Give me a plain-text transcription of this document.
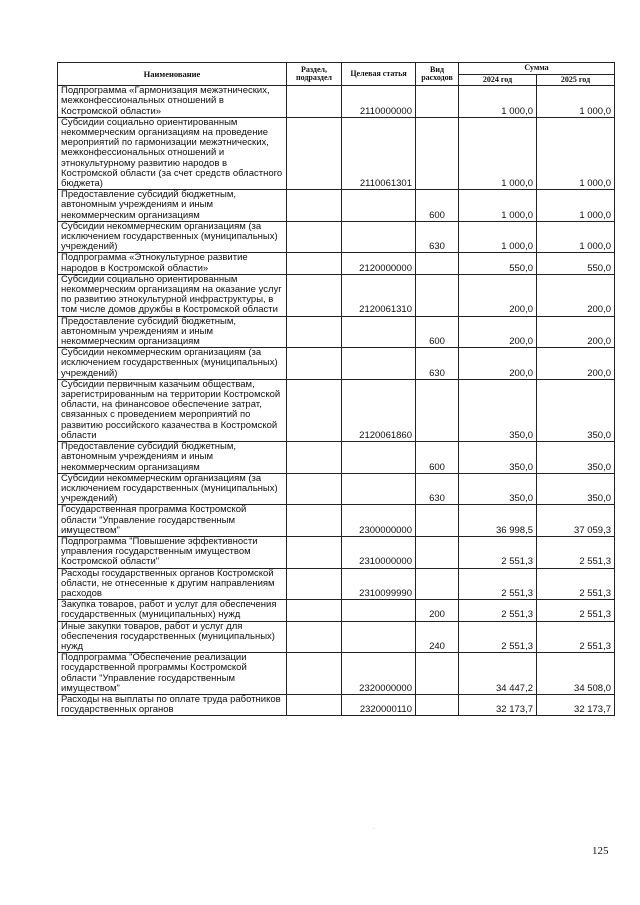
Наименование	Раздел, подраздел	Целевая статья	Вид расходов	Сумма	
				2024 год	2025 год
Подпрограмма «Гармонизация межэтнических, межконфессиональных отношений в Костромской области»		2110000000		1 000,0	1 000,0
Субсидии социально ориентированным некоммерческим организациям на проведение мероприятий по гармонизации межэтнических, межконфессиональных отношений и этнокультурному развитию народов в Костромской области (за счет средств областного бюджета)		2110061301		1 000,0	1 000,0
Предоставление субсидий бюджетным, автономным учреждениям и иным некоммерческим организациям			600	1 000,0	1 000,0
Субсидии некоммерческим организациям (за исключением государственных (муниципальных) учреждений)			630	1 000,0	1 000,0
Подпрограмма «Этнокультурное развитие народов в Костромской области»		2120000000		550,0	550,0
Субсидии социально ориентированным некоммерческим организациям на оказание услуг по развитию этнокультурной инфраструктуры, в том числе домов дружбы в Костромской области		2120061310		200,0	200,0
Предоставление субсидий бюджетным, автономным учреждениям и иным некоммерческим организациям			600	200,0	200,0
Субсидии некоммерческим организациям (за исключением государственных (муниципальных) учреждений)			630	200,0	200,0
Субсидии первичным казачьим обществам, зарегистрированным на территории Костромской области, на финансовое обеспечение затрат, связанных с проведением мероприятий по развитию российского казачества в Костромской области		2120061860		350,0	350,0
Предоставление субсидий бюджетным, автономным учреждениям и иным некоммерческим организациям			600	350,0	350,0
Субсидии некоммерческим организациям (за исключением государственных (муниципальных) учреждений)			630	350,0	350,0
Государственная программа Костромской области "Управление государственным имуществом"		2300000000		36 998,5	37 059,3
Подпрограмма "Повышение эффективности управления государственным имуществом Костромской области"		2310000000		2 551,3	2 551,3
Расходы государственных органов Костромской области, не отнесенные к другим направлениям расходов		2310099990		2 551,3	2 551,3
Закупка товаров, работ и услуг для обеспечения государственных (муниципальных) нужд			200	2 551,3	2 551,3
Иные закупки товаров, работ и услуг для обеспечения государственных (муниципальных) нужд			240	2 551,3	2 551,3
Подпрограмма "Обеспечение реализации государственной программы Костромской области "Управление государственным имуществом"		2320000000		34 447,2	34 508,0
Расходы на выплаты по оплате труда работников государственных органов		2320000110		32 173,7	32 173,7
·
125
